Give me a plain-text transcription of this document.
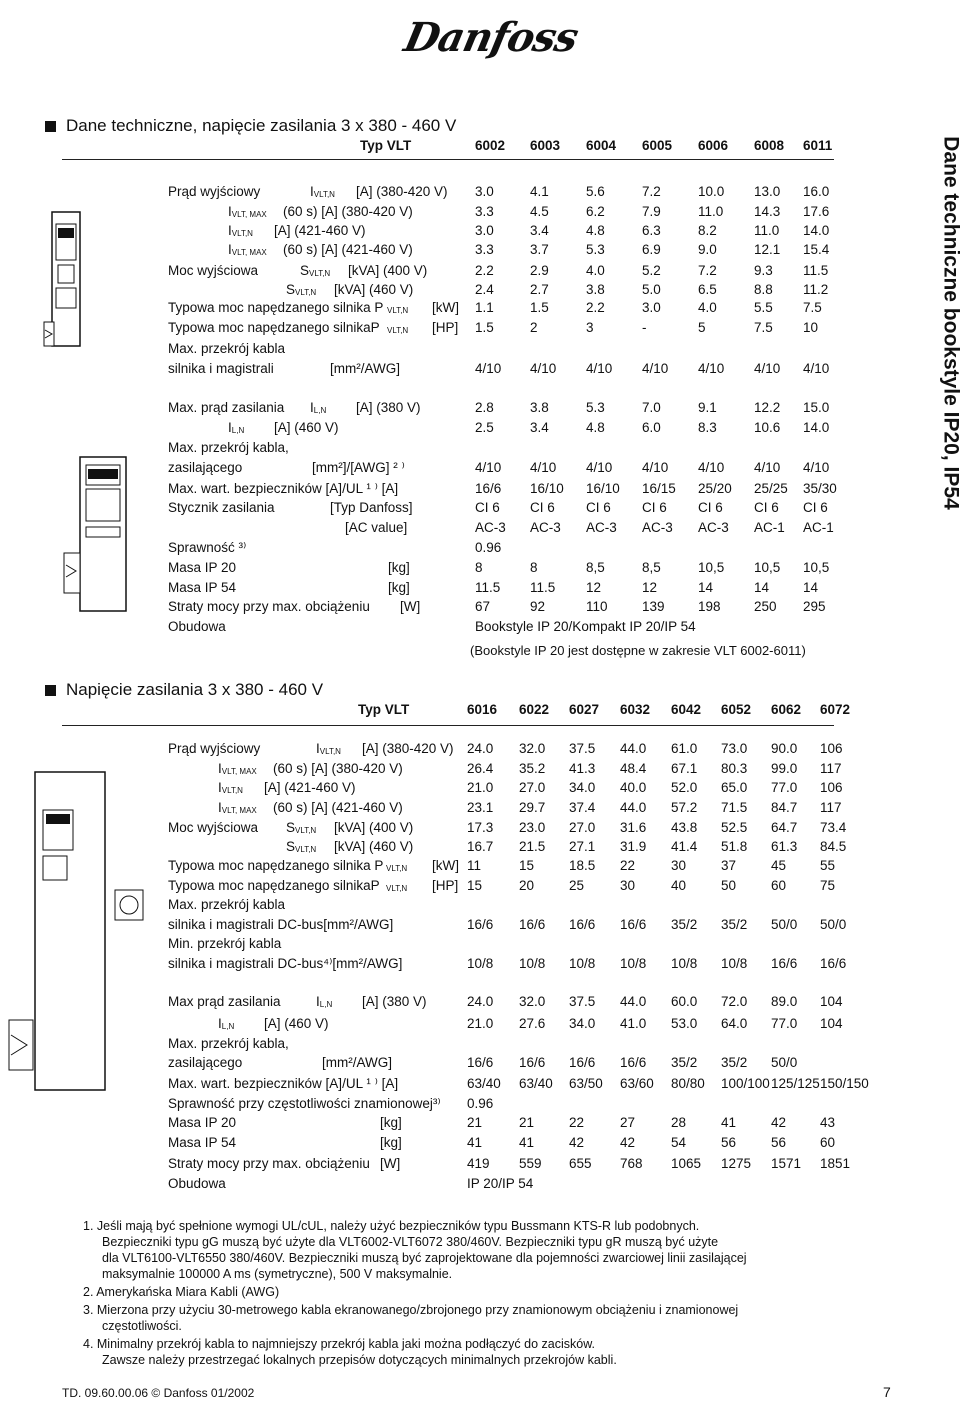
Danfoss
Dane techniczne bookstyle IP20, IP54
Dane techniczne, napięcie zasilania 3 x 380 - 460 V
Typ VLT	6002 6003 6004 6005 6006 6008 6011
Prąd wyjściowy	$I_{VLT,N}$ [A] (380-420 V) 3.0	4.1	5.6	7.2	10.0 13.0 16.0
$I_{VLT, MAX}$ (60 s) [A] (380-420 V)	3.3	4.5	6.2	7.9	11.0 14.3 17.6
$I_{VLT,N}$ [A] (421-460 V)	3.0	3.4	4.8	6.3	8.2	11.0 14.0
$I_{VLT, MAX}$ (60 s) [A] (421-460 V)	3.3	3.7	5.3	6.9	9.0	12.1 15.4
Moc wyjściowa	$S_{VLT,N}$ [kVA] (400 V)	2.2	2.9	4.0	5.2	7.2	9.3 11.5
$S_{VLT,N}$ [kVA] (460 V)	2.4	2.7	3.8	5.0	6.5	8.8 11.2
Typowa moc napędzanego silnika P $_{VLT,N}$ [kW] 1.1	1.5	2.2	3.0	4.0	5.5 7.5
Typowa moc napędzanego silnikaP $_{VLT,N}$ [HP] 1.5	2	3	-	5	7.5 10
Max. przekrój kabla
silnika i magistrali	[mm²/AWG]	4/10 4/10 4/10 4/10 4/10 4/10 4/10
Max. prąd zasilania $I_{L,N}$ [A] (380 V)	2.8	3.8	5.3	7.0	9.1	12.2 15.0
$I_{L,N}$ [A] (460 V)	2.5	3.4	4.8	6.0	8.3	10.6 14.0
Max. przekrój kabla,
zasilającego	[mm²]/[AWG] ² ⁾	4/10 4/10 4/10 4/10 4/10 4/10 4/10
Max. wart. bezpieczników [A]/UL ¹ ⁾ [A]	16/6 16/10 16/10 16/15 25/20 25/25 35/30
Stycznik zasilania	[Typ Danfoss]	CI 6 CI 6 CI 6 CI 6 CI 6 CI 6 CI 6
[AC value]	AC-3 AC-3 AC-3 AC-3 AC-3 AC-1 AC-1
Sprawność ³⁾	0.96
Masa IP 20	[kg]	8	8	8,5	8,5	10,5 10,5 10,5
Masa IP 54	[kg]	11.5 11.5 12	12	14	14	14
Straty mocy przy max. obciążeniu [W]	67	92	110	139 198 250 295
Obudowa	Bookstyle IP 20/Kompakt IP 20/IP 54
(Bookstyle IP 20 jest dostępne w zakresie VLT 6002-6011)
Napięcie zasilania 3 x 380 - 460 V
Typ VLT	6016 6022 6027 6032 6042 6052 6062 6072
Prąd wyjściowy	$I_{VLT,N}$ [A] (380-420 V) 24.0 32.0 37.5 44.0 61.0 73.0 90.0 106
$I_{VLT, MAX}$ (60 s) [A] (380-420 V)	26.4 35.2 41.3 48.4 67.1 80.3 99.0 117
$I_{VLT,N}$ [A] (421-460 V)	21.0 27.0 34.0 40.0 52.0 65.0 77.0 106
$I_{VLT, MAX}$ (60 s) [A] (421-460 V)	23.1 29.7 37.4 44.0 57.2 71.5 84.7 117
Moc wyjściowa $S_{VLT,N}$ [kVA] (400 V)	17.3 23.0 27.0 31.6 43.8 52.5 64.7 73.4
$S_{VLT,N}$ [kVA] (460 V)	16.7 21.5 27.1 31.9 41.4 51.8 61.3 84.5
Typowa moc napędzanego silnika P $_{VLT,N}$ [kW] 11	15	18.5 22	30	37	45	55
Typowa moc napędzanego silnikaP $_{VLT,N}$ [HP] 15	20	25	30	40	50	60	75
Max. przekrój kabla
silnika i magistrali DC-bus[mm²/AWG]	16/6 16/6 16/6 16/6 35/2 35/2 50/0 50/0
Min. przekrój kabla
silnika i magistrali DC-bus⁴⁾[mm²/AWG]	10/8 10/8 10/8 10/8 10/8 10/8 16/6 16/6
Max prąd zasilania	$I_{L,N}$ [A] (380 V)	24.0 32.0 37.5 44.0 60.0 72.0 89.0 104
$I_{L,N}$ [A] (460 V)	21.0 27.6 34.0 41.0 53.0 64.0 77.0 104
Max. przekrój kabla,
zasilającego	[mm²/AWG]	16/6 16/6 16/6 16/6 35/2 35/2 50/0
Max. wart. bezpieczników [A]/UL ¹ ⁾ [A]	63/40 63/40 63/50 63/60 80/80 100/100 125/125 150/150
Sprawność przy częstotliwości znamionowej³⁾ 0.96
Masa IP 20	[kg]	21	21	22	27	28	41	42	43
Masa IP 54	[kg]	41	41	42	42	54	56	56	60
Straty mocy przy max. obciążeniu [W]	419 559 655 768 1065 1275 1571 1851
Obudowa	IP 20/IP 54
1. Jeśli mają być spełnione wymogi UL/cUL, należy użyć bezpieczników typu Bussmann KTS-R lub podobnych.
Bezpieczniki typu gG muszą być użyte dla VLT6002-VLT6072 380/460V. Bezpieczniki typu gR muszą być użyte
dla VLT6100-VLT6550 380/460V. Bezpieczniki muszą być zaprojektowane dla pojemności zwarciowej linii zasilającej
maksymalnie 100000 A ms (symetryczne), 500 V maksymalnie.
2. Amerykańska Miara Kabli (AWG)
3. Mierzona przy użyciu 30-metrowego kabla ekranowanego/zbrojonego przy znamionowym obciążeniu i znamionowej
częstotliwości.
4. Minimalny przekrój kabla to najmniejszy przekrój kabla jaki można podłączyć do zacisków.
Zawsze należy przestrzegać lokalnych przepisów dotyczących minimalnych przekrojów kabli.
TD. 09.60.00.06 © Danfoss 01/2002	7
